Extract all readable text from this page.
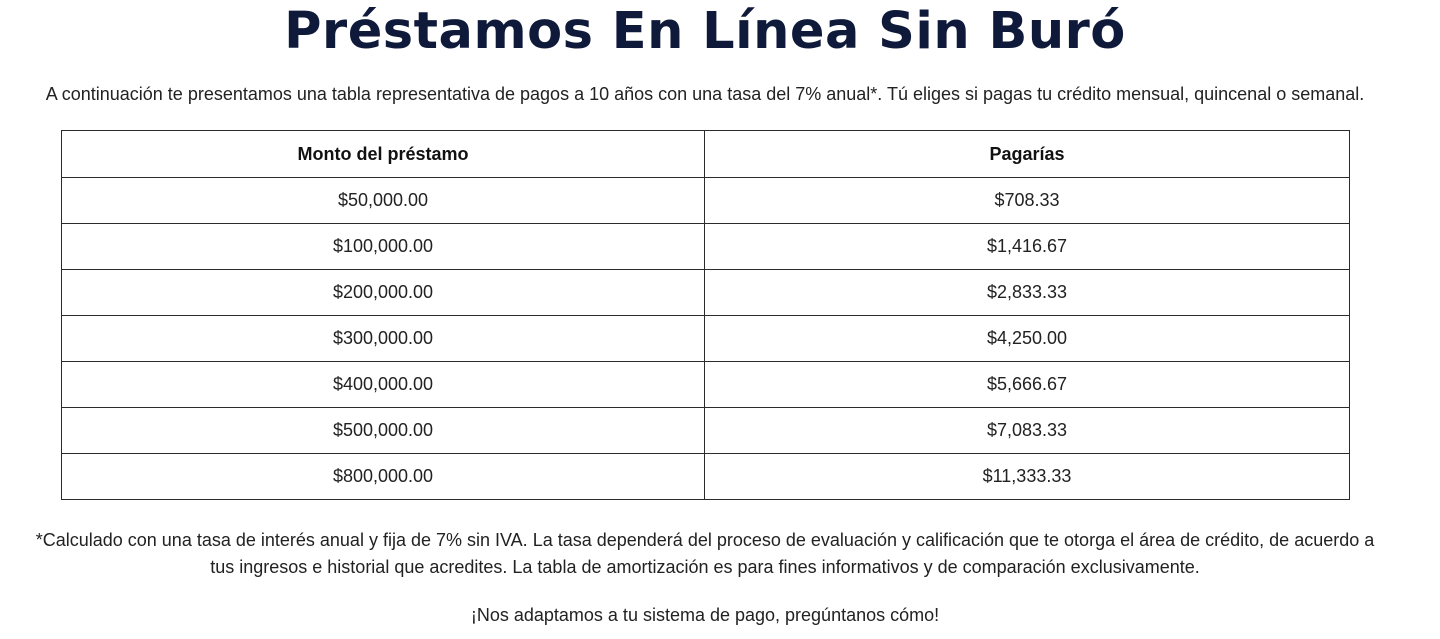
Préstamos En Línea Sin Buró

A continuación te presentamos una tabla representativa de pagos a 10 años con una tasa del 7% anual*. Tú eliges si pagas tu crédito mensual, quincenal o semanal.

Monto del préstamo	Pagarías
$50,000.00	$708.33
$100,000.00	$1,416.67
$200,000.00	$2,833.33
$300,000.00	$4,250.00
$400,000.00	$5,666.67
$500,000.00	$7,083.33
$800,000.00	$11,333.33
*Calculado con una tasa de interés anual y fija de 7% sin IVA. La tasa dependerá del proceso de evaluación y calificación que te otorga el área de crédito, de acuerdo a
tus ingresos e historial que acredites. La tabla de amortización es para fines informativos y de comparación exclusivamente.

¡Nos adaptamos a tu sistema de pago, pregúntanos cómo!
